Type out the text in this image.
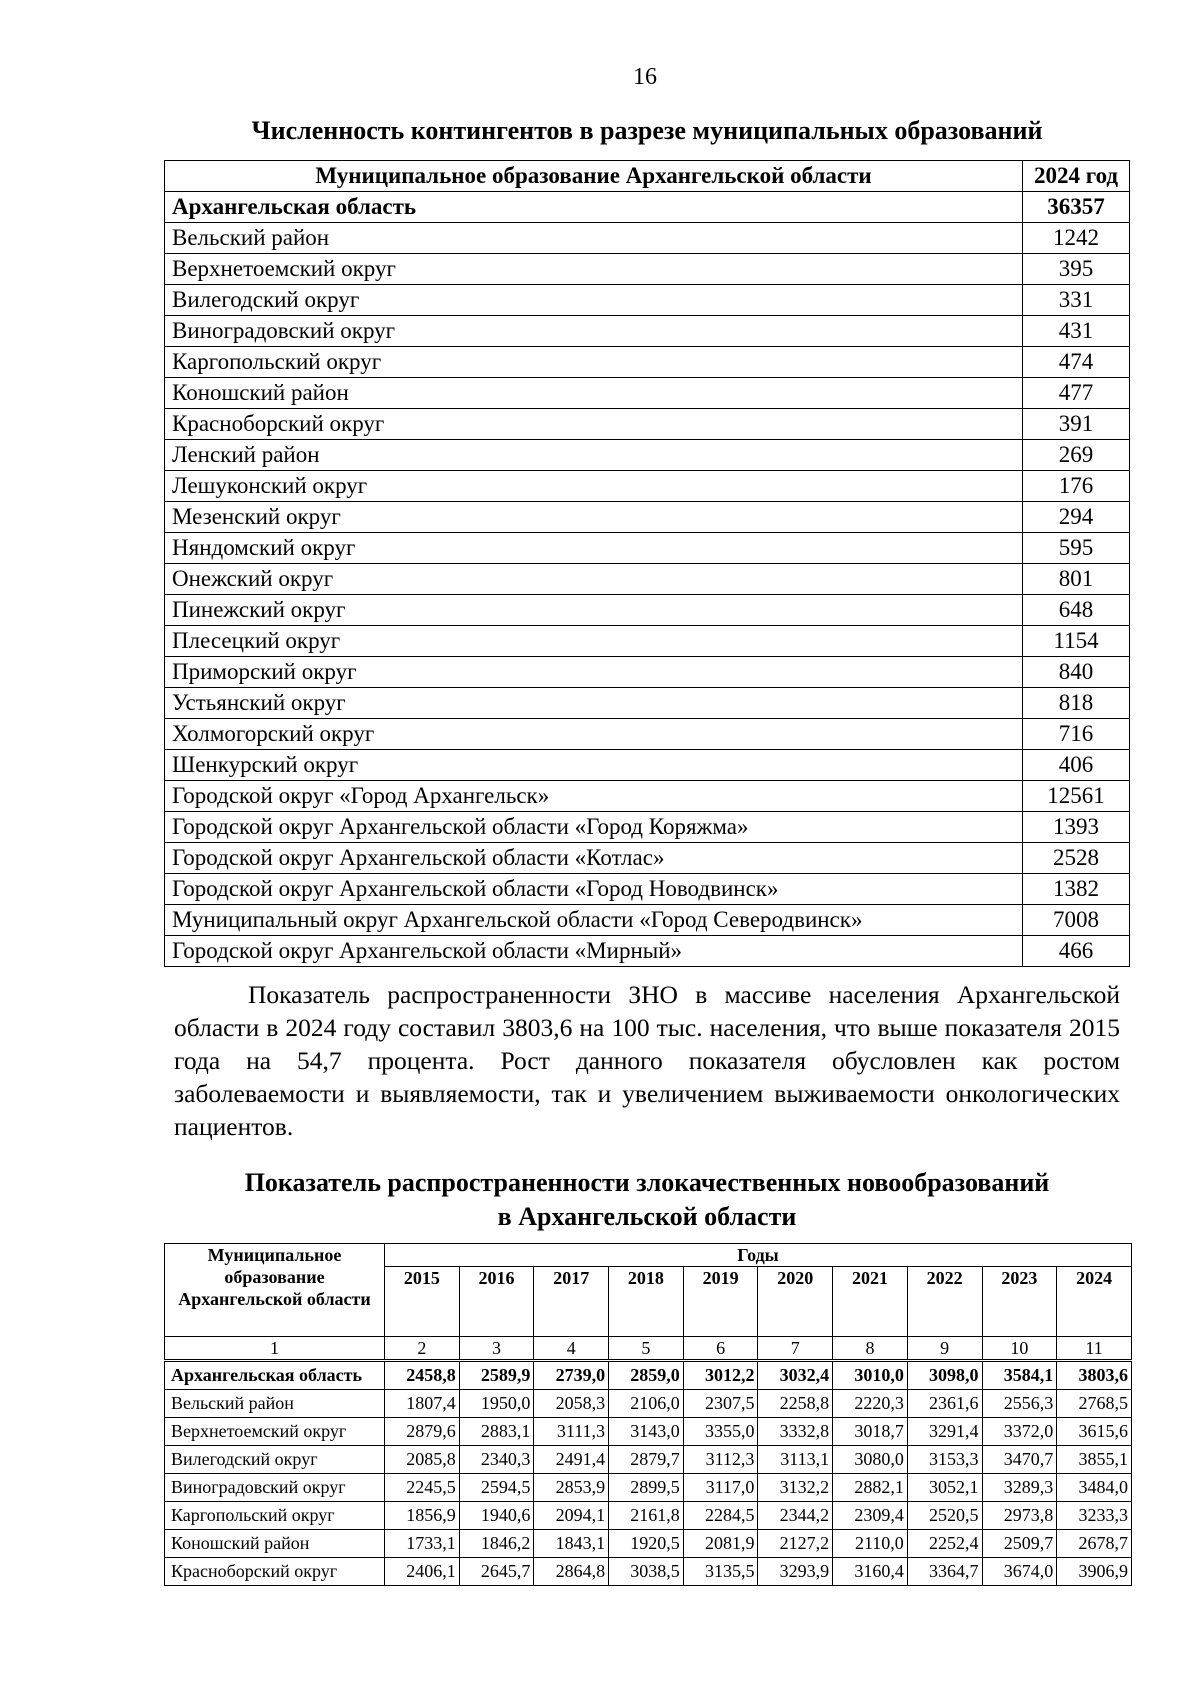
16
Численность контингентов в разрезе муниципальных образований
Муниципальное образование Архангельской области	2024 год
Архангельская область	36357
Вельский район	1242
Верхнетоемский округ	395
Вилегодский округ	331
Виноградовский округ	431
Каргопольский округ	474
Коношский район	477
Красноборский округ	391
Ленский район	269
Лешуконский округ	176
Мезенский округ	294
Няндомский округ	595
Онежский округ	801
Пинежский округ	648
Плесецкий округ	1154
Приморский округ	840
Устьянский округ	818
Холмогорский округ	716
Шенкурский округ	406
Городской округ «Город Архангельск»	12561
Городской округ Архангельской области «Город Коряжма»	1393
Городской округ Архангельской области «Котлас»	2528
Городской округ Архангельской области «Город Новодвинск»	1382
Муниципальный округ Архангельской области «Город Северодвинск»	7008
Городской округ Архангельской области «Мирный»	466
Показатель распространенности ЗНО в массиве населения Архангельской области в 2024 году составил 3803,6 на 100 тыс. населения, что выше показателя 2015 года на 54,7 процента. Рост данного показателя обусловлен как ростом заболеваемости и выявляемости, так и увеличением выживаемости онкологических пациентов.
Показатель распространенности злокачественных новообразований
в Архангельской области
Муниципальное образование Архангельской области	Годы									
	2015	2016	2017	2018	2019	2020	2021	2022	2023	2024
1	2	3	4	5	6	7	8	9	10	11
Архангельская область	2458,8	2589,9	2739,0	2859,0	3012,2	3032,4	3010,0	3098,0	3584,1	3803,6
Вельский район	1807,4	1950,0	2058,3	2106,0	2307,5	2258,8	2220,3	2361,6	2556,3	2768,5
Верхнетоемский округ	2879,6	2883,1	3111,3	3143,0	3355,0	3332,8	3018,7	3291,4	3372,0	3615,6
Вилегодский округ	2085,8	2340,3	2491,4	2879,7	3112,3	3113,1	3080,0	3153,3	3470,7	3855,1
Виноградовский округ	2245,5	2594,5	2853,9	2899,5	3117,0	3132,2	2882,1	3052,1	3289,3	3484,0
Каргопольский округ	1856,9	1940,6	2094,1	2161,8	2284,5	2344,2	2309,4	2520,5	2973,8	3233,3
Коношский район	1733,1	1846,2	1843,1	1920,5	2081,9	2127,2	2110,0	2252,4	2509,7	2678,7
Красноборский округ	2406,1	2645,7	2864,8	3038,5	3135,5	3293,9	3160,4	3364,7	3674,0	3906,9
